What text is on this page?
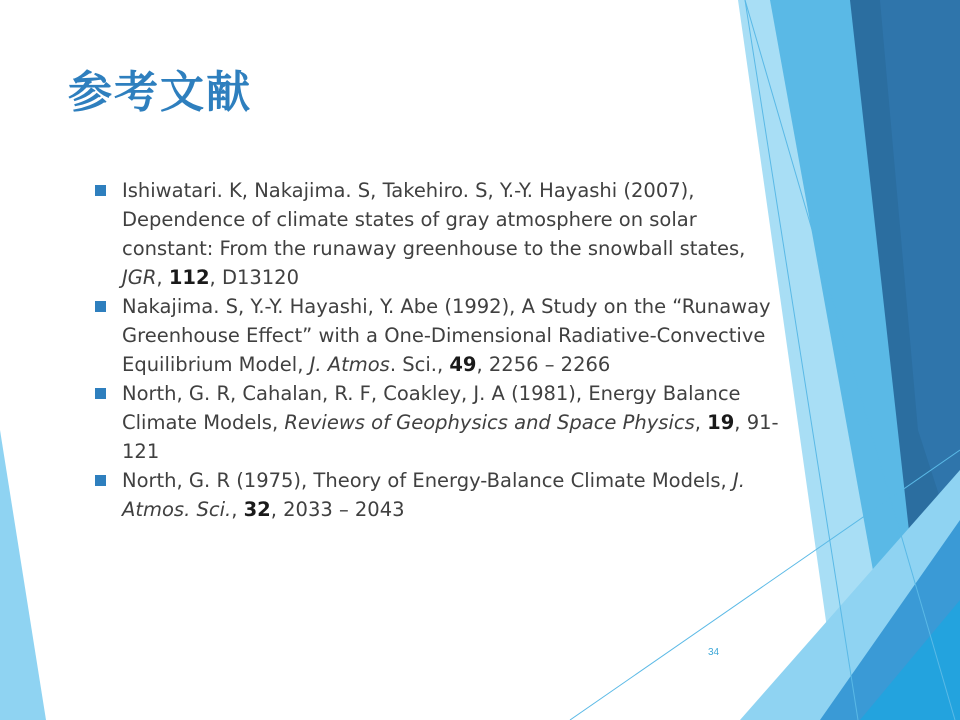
参考文献
Ishiwatari. K, Nakajima. S, Takehiro. S, Y.-Y. Hayashi (2007), Dependence of climate states of gray atmosphere on solar constant: From the runaway greenhouse to the snowball states, JGR, 112, D13120
Nakajima. S, Y.-Y. Hayashi, Y. Abe (1992), A Study on the “Runaway Greenhouse Effect” with a One-Dimensional Radiative-Convective Equilibrium Model, J. Atmos. Sci., 49, 2256 – 2266
North, G. R, Cahalan, R. F, Coakley, J. A (1981), Energy Balance Climate Models, Reviews of Geophysics and Space Physics, 19, 91-121
North, G. R (1975), Theory of Energy-Balance Climate Models, J. Atmos. Sci., 32, 2033 – 2043
34
